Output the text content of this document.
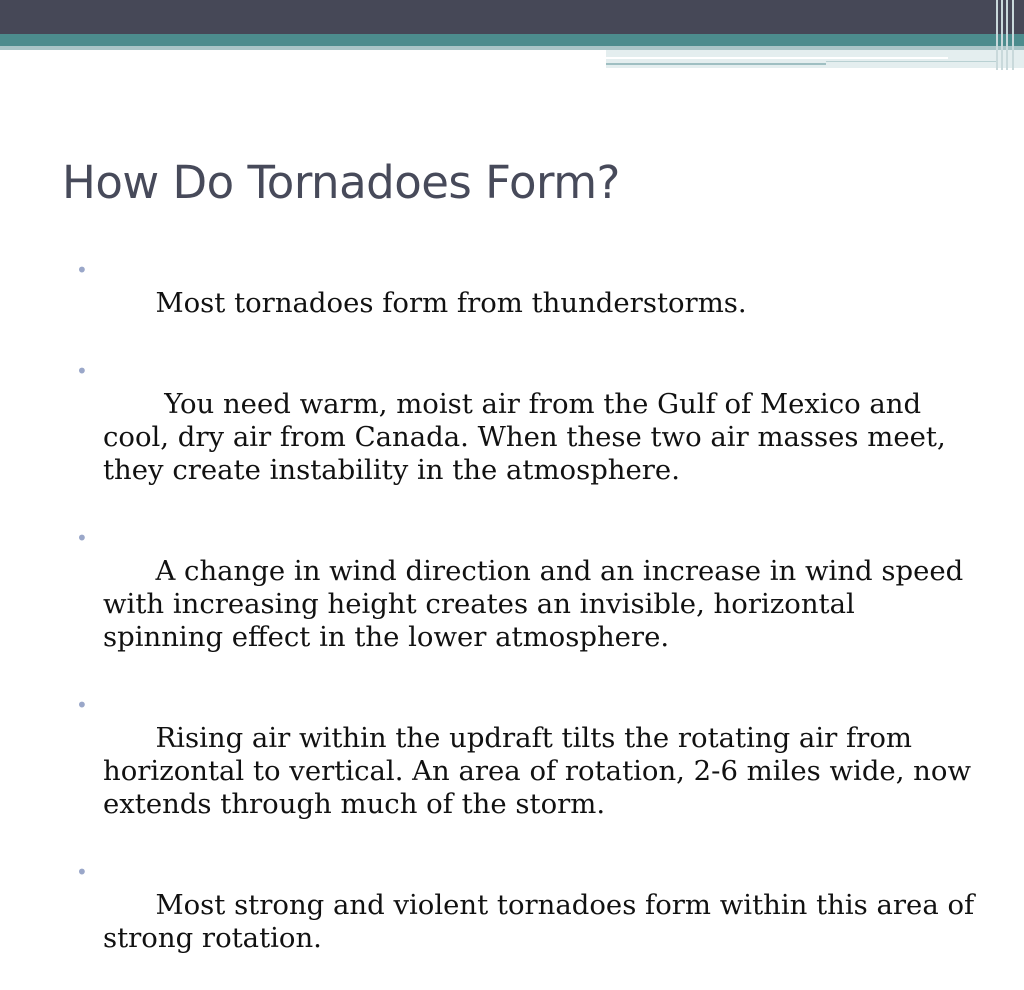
How Do Tornadoes Form?

•
Most tornadoes form from thunderstorms.

•
You need warm, moist air from the Gulf of Mexico and cool, dry air from Canada. When these two air masses meet, they create instability in the atmosphere.

•
A change in wind direction and an increase in wind speed with increasing height creates an invisible, horizontal spinning effect in the lower atmosphere.

•
Rising air within the updraft tilts the rotating air from horizontal to vertical. An area of rotation, 2-6 miles wide, now extends through much of the storm.

•
Most strong and violent tornadoes form within this area of strong rotation.
